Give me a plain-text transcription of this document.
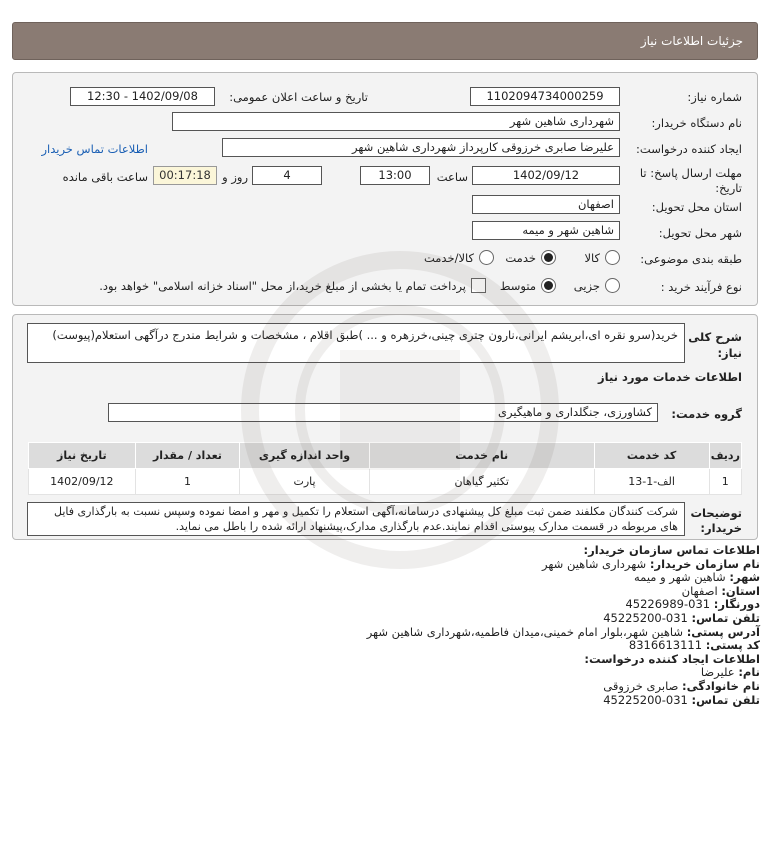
جزئیات اطلاعات نیاز
شماره نیاز:
1102094734000259
تاریخ و ساعت اعلان عمومی:
1402/09/08 - 12:30
نام دستگاه خریدار:
شهرداری شاهین شهر
ایجاد کننده درخواست:
علیرضا صابری خرزوقی کارپرداز شهرداری شاهین شهر
اطلاعات تماس خریدار
مهلت ارسال پاسخ: تا
تاریخ:
1402/09/12
ساعت
13:00
4
روز و
00:17:18
ساعت باقی مانده
استان محل تحویل:
اصفهان
شهر محل تحویل:
شاهین شهر و میمه
طبقه بندی موضوعی:
کالا
خدمت
کالا/خدمت
نوع فرآیند خرید :
جزیی
متوسط
پرداخت تمام یا بخشی از مبلغ خرید،از محل "اسناد خزانه اسلامی" خواهد بود.
شرح کلی
نیاز:
خرید(سرو نقره ای،ابریشم ایرانی،نارون چتری چینی،خرزهره و ... )طبق اقلام ، مشخصات و شرایط مندرج درآگهی استعلام(پیوست)
اطلاعات خدمات مورد نیاز
گروه خدمت:
کشاورزی، جنگلداری و ماهیگیری
ردیف	کد خدمت	نام خدمت	واحد اندازه گیری	تعداد / مقدار	تاریخ نیاز
1	الف-1-13	تکثیر گیاهان	پارت	1	1402/09/12
توضیحات
خریدار:
شرکت کنندگان مکلفند ضمن ثبت مبلغ کل پیشنهادی درسامانه،آگهی استعلام را تکمیل و مهر و امضا نموده وسپس نسبت به بارگذاری فایل های مربوطه در قسمت مدارک پیوستی اقدام نمایند.عدم بارگذاری مدارک،پیشنهاد ارائه شده را باطل می نماید.
اطلاعات تماس سازمان خریدار:
نام سازمان خریدار: شهرداری شاهین شهر
شهر: شاهین شهر و میمه
استان: اصفهان
دورنگار: 031-45226989
تلفن تماس: 031-45225200
آدرس پستی: شاهین شهر،بلوار امام خمینی،میدان فاطمیه،شهرداری شاهین شهر
کد پستی: 8316613111
اطلاعات ایجاد کننده درخواست:
نام: علیرضا
نام خانوادگی: صابری خرزوقی
تلفن تماس: 031-45225200
